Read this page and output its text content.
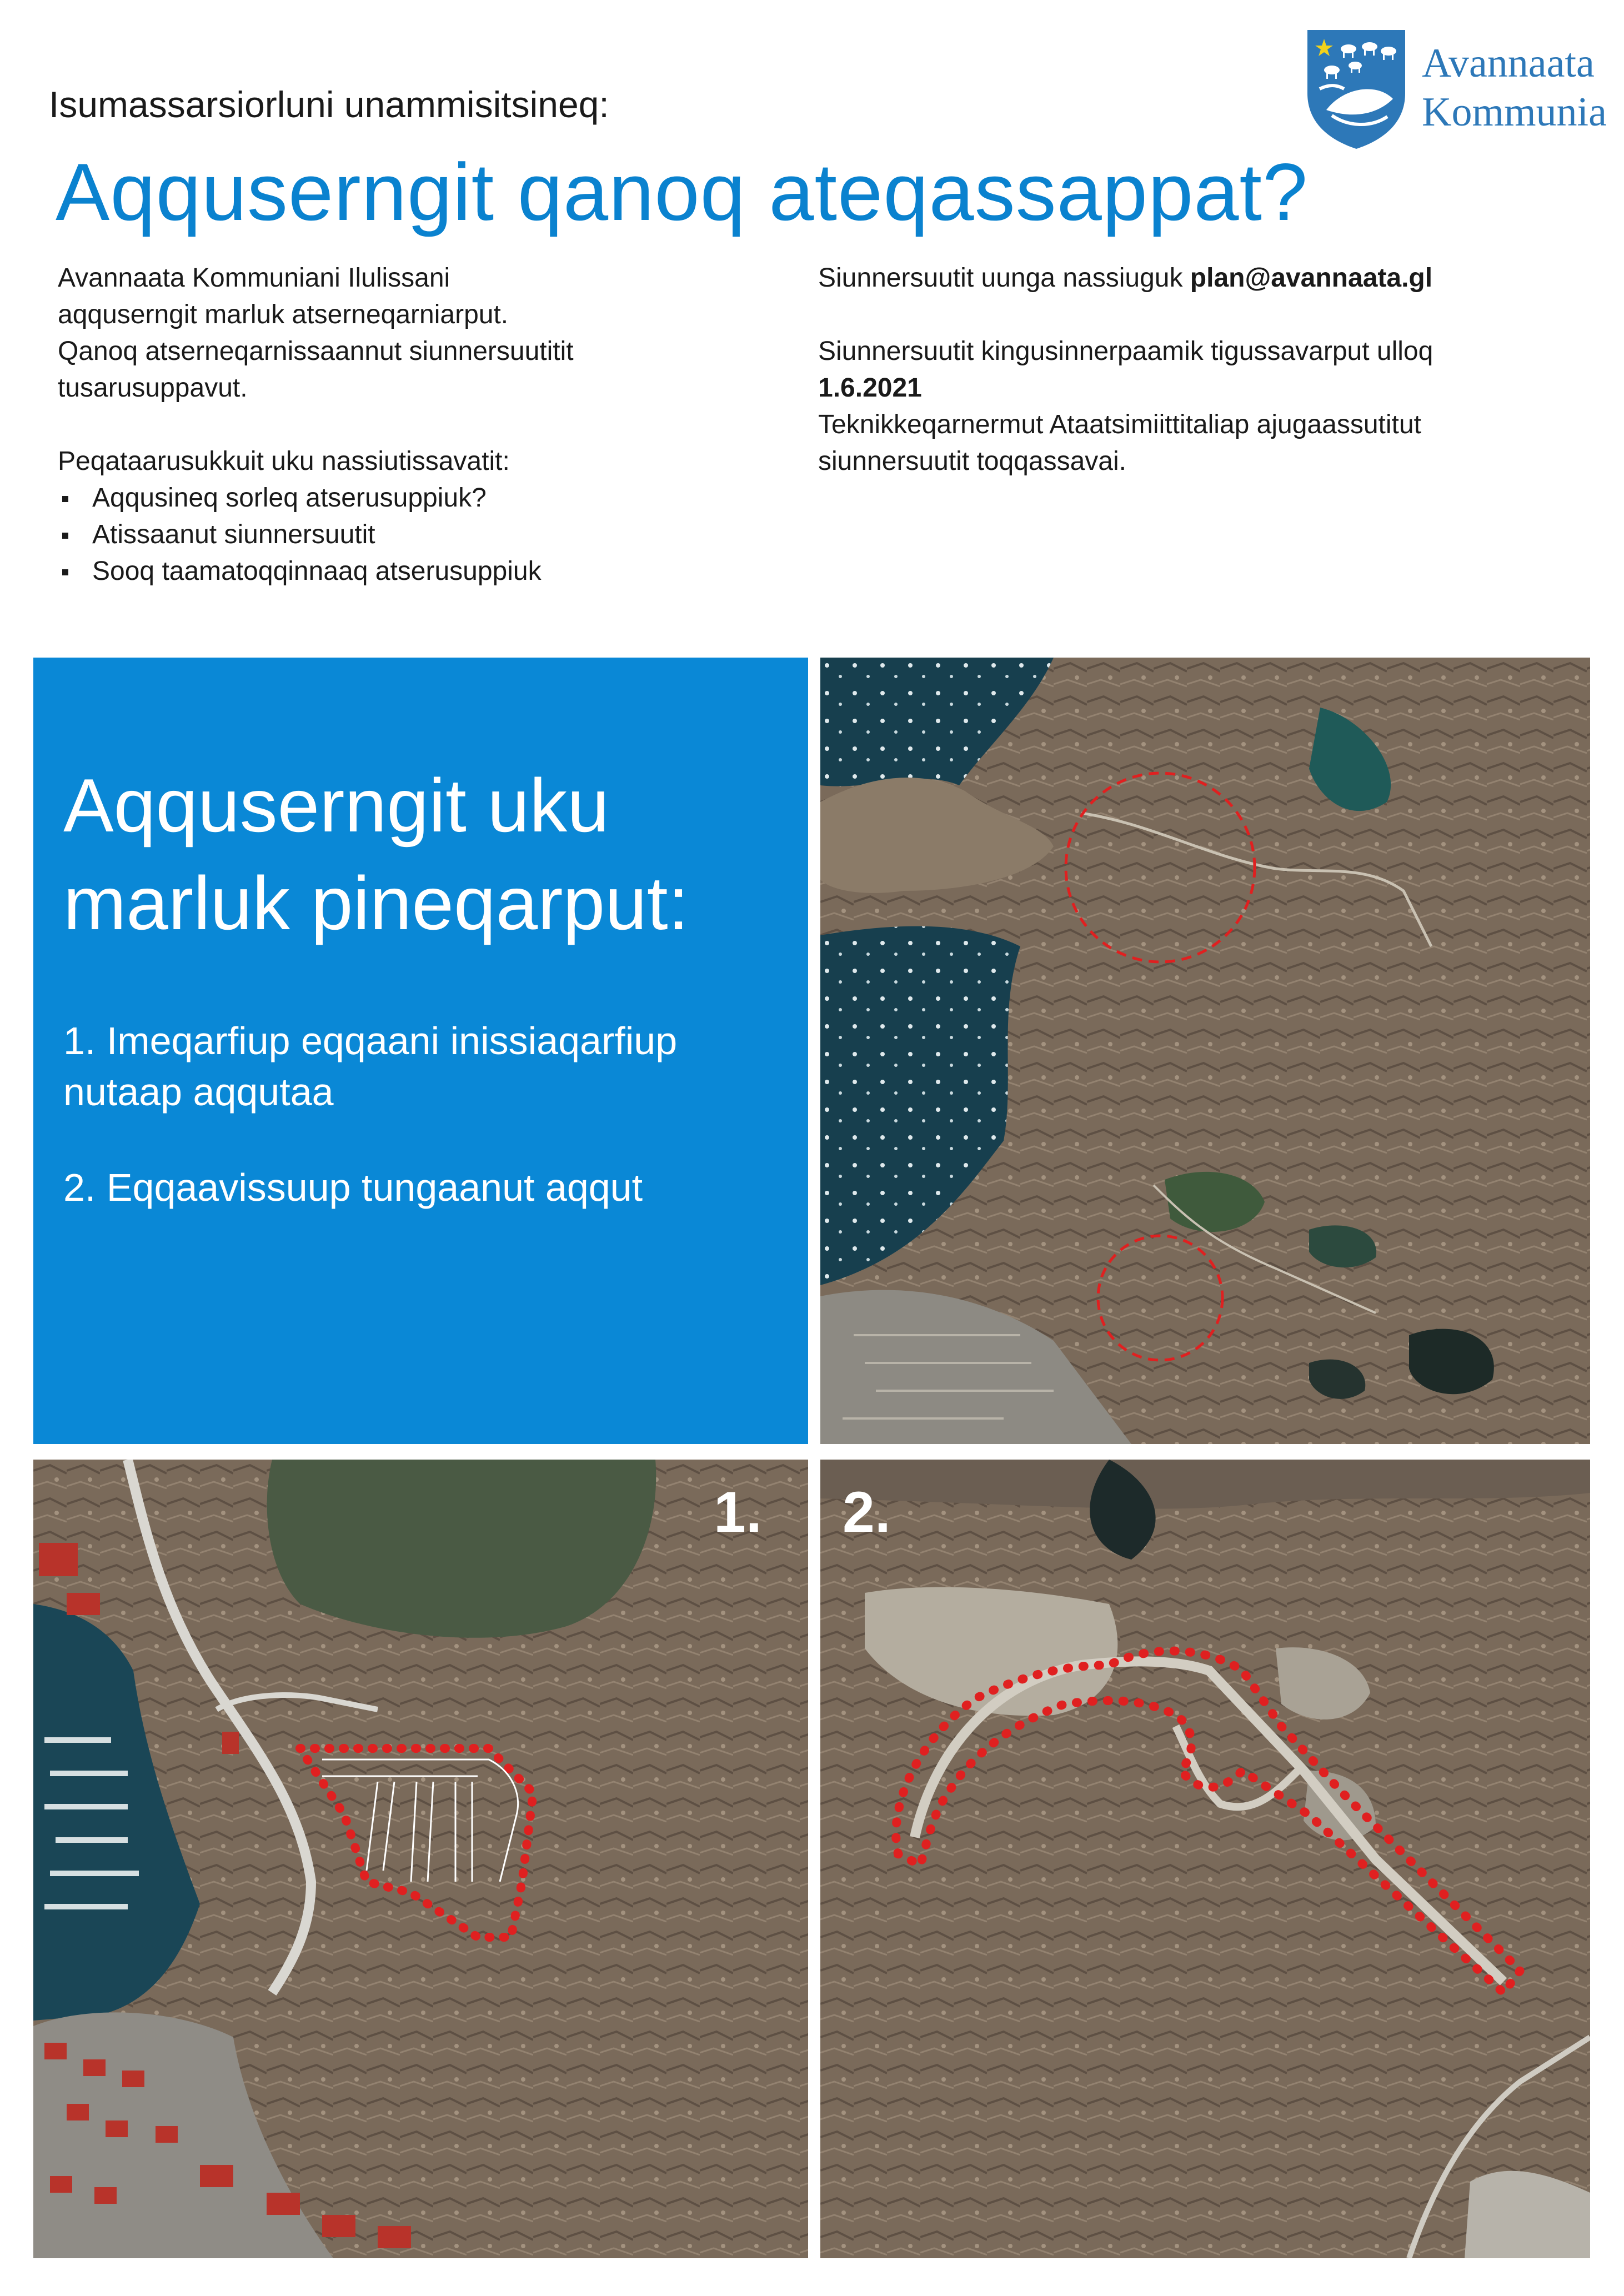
Isumassarsiorluni unammisitsineq:
Aqquserngit qanoq ateqassappat?
Avannaata
Kommunia

Avannaata Kommuniani Ilulissani

aqquserngit marluk atserneqarniarput.

Qanoq atserneqarnissaannut siunnersuutitit

tusarusuppavut.

Peqataarusukkuit uku nassiutissavatit:

Aqqusineq sorleq atserusuppiuk?
Atissaanut siunnersuutit
Sooq taamatoqqinnaaq atserusuppiuk

Siunnersuutit uunga nassiuguk plan@avannaata.gl

Siunnersuutit kingusinnerpaamik tigussavarput ulloq

1.6.2021

Teknikkeqarnermut Ataatsimiittitaliap ajugaassutitut

siunnersuutit toqqassavai.

Aqquserngit uku
marluk pineqarput:
1. Imeqarfiup eqqaani inissiaqarfiup
nutaap aqqutaa
2. Eqqaavissuup tungaanut aqqut
1. 2.
